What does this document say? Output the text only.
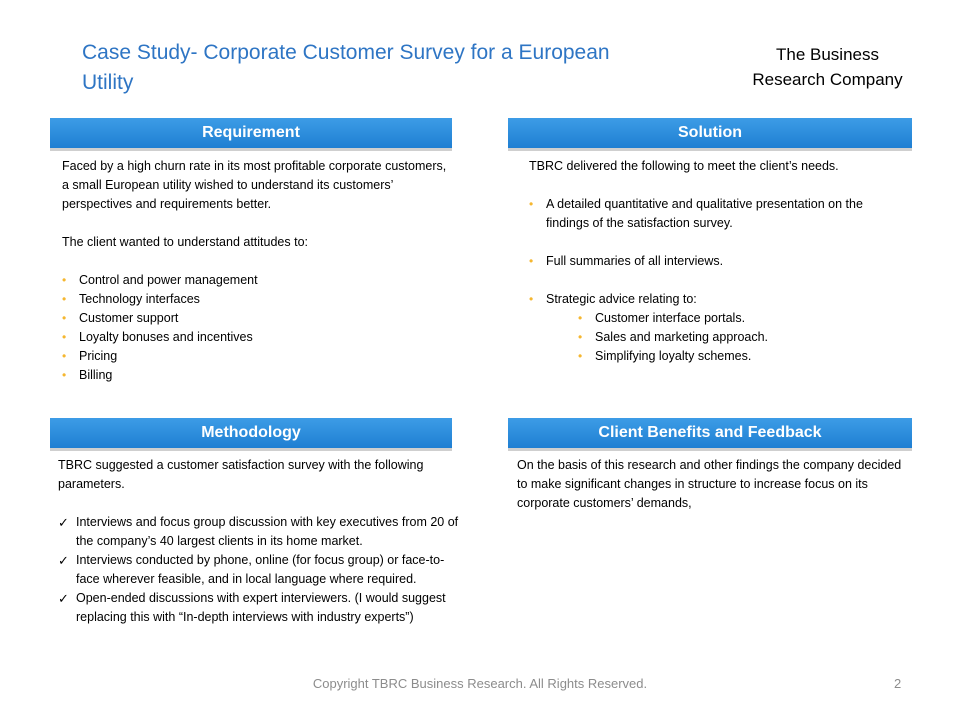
Case Study- Corporate Customer Survey for a European Utility
The Business
Research Company
Requirement

Faced by a high churn rate in its most profitable corporate customers, a small European utility wished to understand its customers’ perspectives and requirements better.

The client wanted to understand attitudes to:

• Control and power management
• Technology interfaces
• Customer support
• Loyalty bonuses and incentives
• Pricing
• Billing
Solution

TBRC delivered the following to meet the client’s needs.

• A detailed quantitative and qualitative presentation on the findings of the satisfaction survey.
• Full summaries of all interviews.
• Strategic advice relating to:
• Customer interface portals.
• Sales and marketing approach.
• Simplifying loyalty schemes.
Methodology

TBRC suggested a customer satisfaction survey with the following parameters.

✓ Interviews and focus group discussion with key executives from 20 of the company’s 40 largest clients in its home market.
✓ Interviews conducted by phone, online (for focus group) or face-to-face wherever feasible, and in local language where required.
✓ Open-ended discussions with expert interviewers. (I would suggest replacing this with “In-depth interviews with industry experts”)
Client Benefits and Feedback

On the basis of this research and other findings the company decided to make significant changes in structure to increase focus on its corporate customers’ demands,

Copyright TBRC Business Research. All Rights Reserved.	2
